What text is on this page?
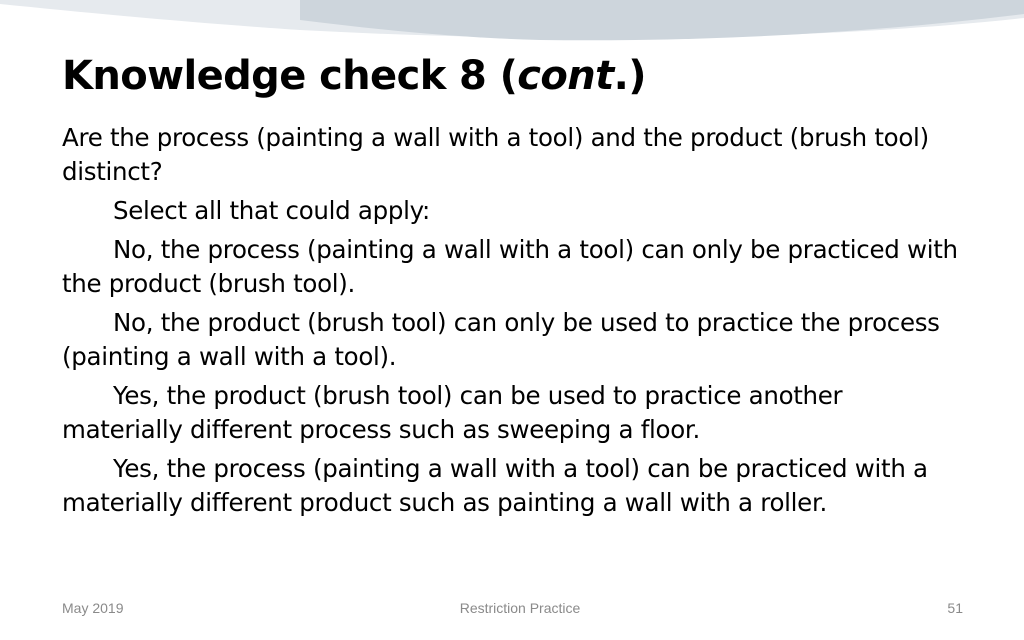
Knowledge check 8 (cont.)

Are the process (painting a wall with a tool) and the product (brush tool) distinct?

Select all that could apply:

No, the process (painting a wall with a tool) can only be practiced with the product (brush tool).

No, the product (brush tool) can only be used to practice the process (painting a wall with a tool).

Yes, the product (brush tool) can be used to practice another materially different process such as sweeping a floor.

Yes, the process (painting a wall with a tool) can be practiced with a materially different product such as painting a wall with a roller.

May 2019	Restriction Practice	51
